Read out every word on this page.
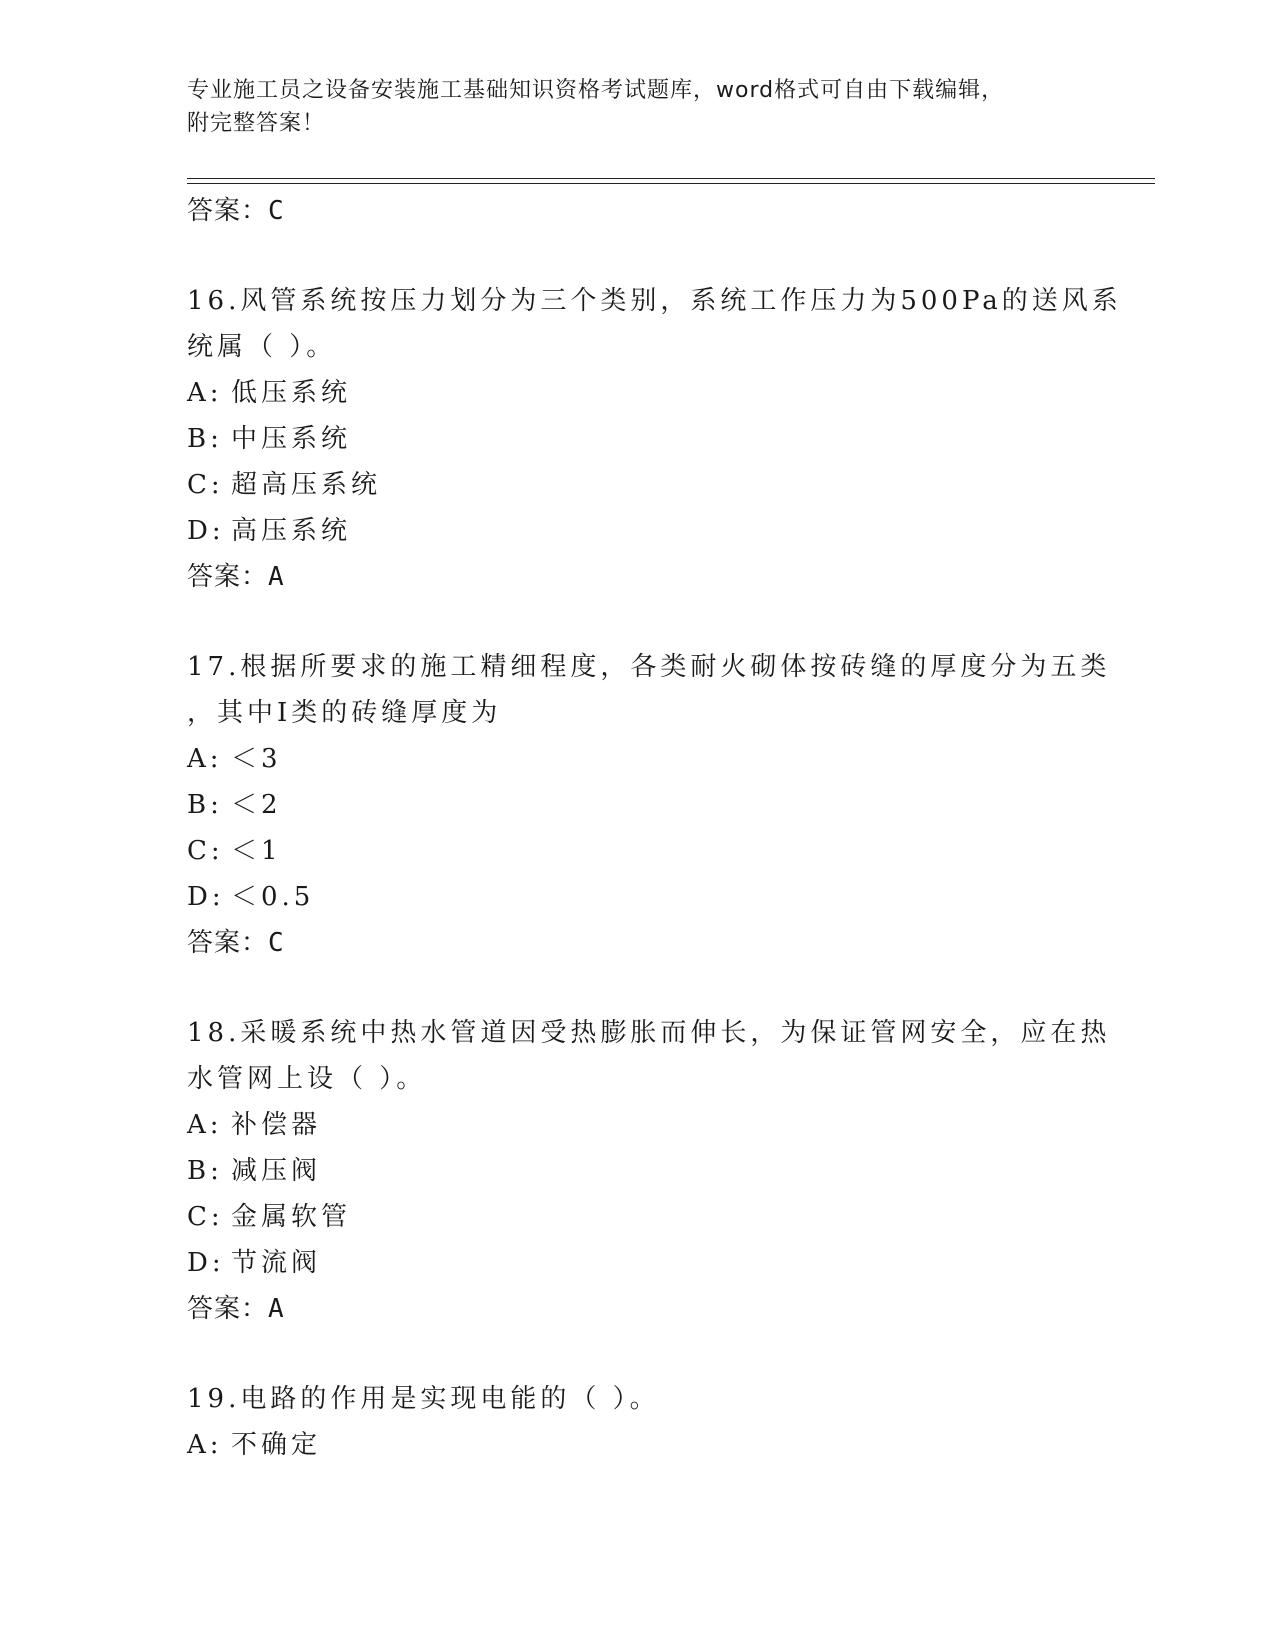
专业施工员之设备安装施工基础知识资格考试题库，word格式可自由下载编辑，
附完整答案！
答案：C
16.风管系统按压力划分为三个类别，系统工作压力为500Pa的送风系
统属（ ）。
A: 低压系统
B: 中压系统
C: 超高压系统
D: 高压系统
答案：A
17.根据所要求的施工精细程度，各类耐火砌体按砖缝的厚度分为五类
，其中Ⅰ类的砖缝厚度为
A: ＜3
B: ＜2
C: ＜1
D: ＜0.5
答案：C
18.采暖系统中热水管道因受热膨胀而伸长，为保证管网安全，应在热
水管网上设（ ）。
A: 补偿器
B: 减压阀
C: 金属软管
D: 节流阀
答案：A
19.电路的作用是实现电能的（ ）。
A: 不确定
